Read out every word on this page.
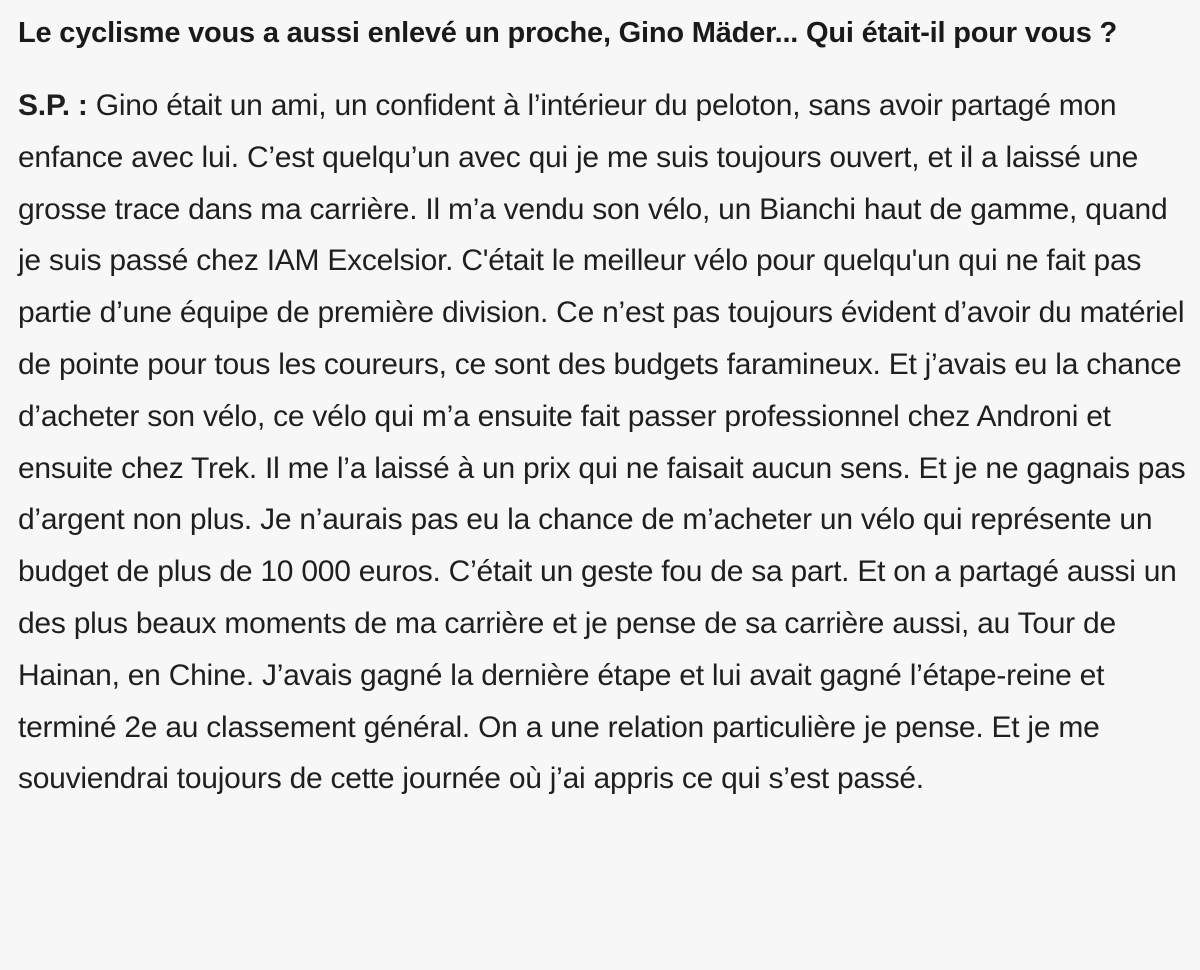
Le cyclisme vous a aussi enlevé un proche, Gino Mäder... Qui était-il pour vous ?

S.P. : Gino était un ami, un confident à l’intérieur du peloton, sans avoir partagé mon enfance avec lui. C’est quelqu’un avec qui je me suis toujours ouvert, et il a laissé une grosse trace dans ma carrière. Il m’a vendu son vélo, un Bianchi haut de gamme, quand je suis passé chez IAM Excelsior. C'était le meilleur vélo pour quelqu'un qui ne fait pas partie d’une équipe de première division. Ce n’est pas toujours évident d’avoir du matériel de pointe pour tous les coureurs, ce sont des budgets faramineux. Et j’avais eu la chance d’acheter son vélo, ce vélo qui m’a ensuite fait passer professionnel chez Androni et ensuite chez Trek. Il me l’a laissé à un prix qui ne faisait aucun sens. Et je ne gagnais pas d’argent non plus. Je n’aurais pas eu la chance de m’acheter un vélo qui représente un budget de plus de 10 000 euros. C’était un geste fou de sa part. Et on a partagé aussi un des plus beaux moments de ma carrière et je pense de sa carrière aussi, au Tour de Hainan, en Chine. J’avais gagné la dernière étape et lui avait gagné l’étape-reine et terminé 2e au classement général. On a une relation particulière je pense. Et je me souviendrai toujours de cette journée où j’ai appris ce qui s’est passé.
